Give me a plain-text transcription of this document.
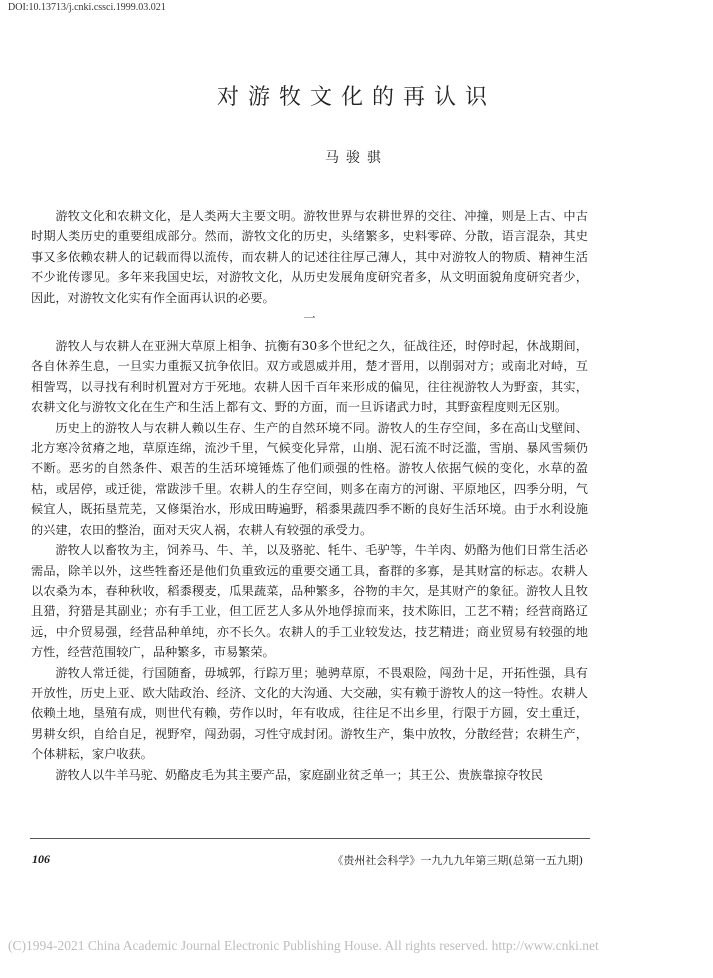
DOI:10.13713/j.cnki.cssci.1999.03.021
对游牧文化的再认识
马骏骐

游牧文化和农耕文化，是人类两大主要文明。游牧世界与农耕世界的交往、冲撞，则是上古、中古时期人类历史的重要组成部分。然而，游牧文化的历史，头绪繁多，史料零碎、分散，语言混杂，其史事又多依赖农耕人的记载而得以流传，而农耕人的记述往往厚己薄人，其中对游牧人的物质、精神生活不少讹传谬见。多年来我国史坛，对游牧文化，从历史发展角度研究者多，从文明面貌角度研究者少，因此，对游牧文化实有作全面再认识的必要。

一

游牧人与农耕人在亚洲大草原上相争、抗衡有30多个世纪之久，征战往还，时停时起，休战期间，各自休养生息，一旦实力重振又抗争依旧。双方或恩威并用，楚才晋用，以削弱对方；或南北对峙，互相訾骂，以寻找有利时机置对方于死地。农耕人因千百年来形成的偏见，往往视游牧人为野蛮，其实，农耕文化与游牧文化在生产和生活上都有文、野的方面，而一旦诉诸武力时，其野蛮程度则无区别。

历史上的游牧人与农耕人赖以生存、生产的自然环境不同。游牧人的生存空间，多在高山戈壁间、北方寒冷贫瘠之地，草原连绵，流沙千里，气候变化异常，山崩、泥石流不时泛滥，雪崩、暴风雪频仍不断。恶劣的自然条件、艰苦的生活环境锤炼了他们顽强的性格。游牧人依据气候的变化，水草的盈枯，或居停，或迁徙，常跋涉千里。农耕人的生存空间，则多在南方的河谢、平原地区，四季分明，气候宜人，既拓垦荒芜，又修渠治水，形成田畴遍野，稻黍果蔬四季不断的良好生活环境。由于水利设施的兴建，农田的整治，面对天灾人祸，农耕人有较强的承受力。

游牧人以畜牧为主，饲养马、牛、羊，以及骆驼、牦牛、毛驴等，牛羊肉、奶酪为他们日常生活必需品，除羊以外，这些牲畜还是他们负重致远的重要交通工具，畜群的多寡，是其财富的标志。农耕人以农桑为本，春种秋收，稻黍稷麦，瓜果蔬菜，品种繁多，谷物的丰欠，是其财产的象征。游牧人且牧且猎，狩猎是其副业；亦有手工业，但工匠艺人多从外地俘掠而来，技术陈旧，工艺不精；经营商路辽远，中介贸易强，经营品种单纯，亦不长久。农耕人的手工业较发达，技艺精进；商业贸易有较强的地方性，经营范围较广，品种繁多，市易繁荣。

游牧人常迁徙，行国随畜，毋城郭，行踪万里；驰骋草原，不畏艰险，闯劲十足，开拓性强，具有开放性，历史上亚、欧大陆政治、经济、文化的大沟通、大交融，实有赖于游牧人的这一特性。农耕人依赖土地，垦殖有成，则世代有赖，劳作以时，年有收成，往往足不出乡里，行限于方圆，安土重迁，男耕女织，自给自足，视野窄，闯劲弱，习性守成封闭。游牧生产，集中放牧，分散经营；农耕生产，个体耕耘，家户收获。

游牧人以牛羊马驼、奶酪皮毛为其主要产品，家庭副业贫乏单一；其王公、贵族靠掠夺牧民

106	《贵州社会科学》一九九九年第三期(总第一五九期)
(C)1994-2021 China Academic Journal Electronic Publishing House. All rights reserved. http://www.cnki.net
